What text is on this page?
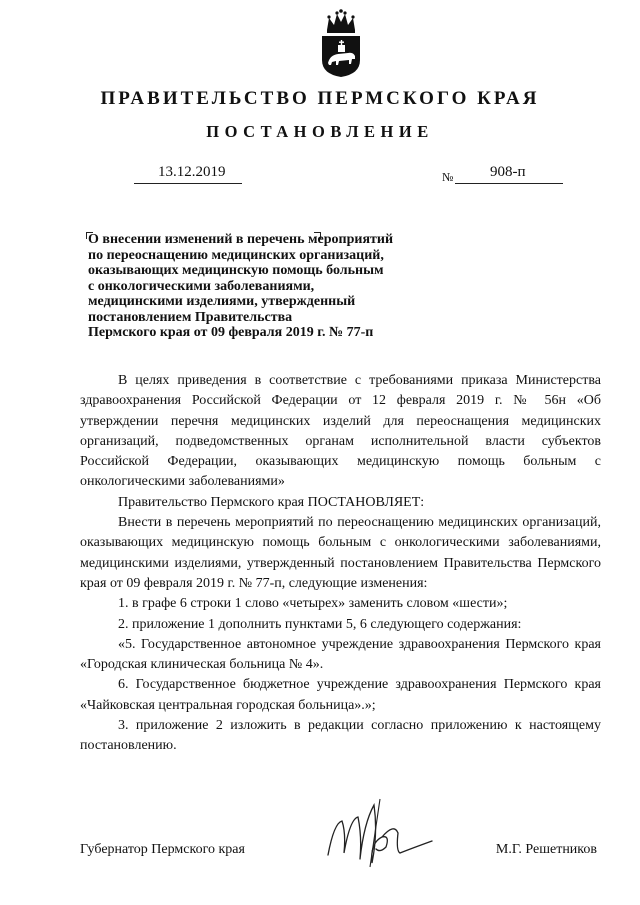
ПРАВИТЕЛЬСТВО ПЕРМСКОГО КРАЯ
ПОСТАНОВЛЕНИЕ
13.12.2019	№ 908-п
О внесении изменений в перечень мероприятий
по переоснащению медицинских организаций,
оказывающих медицинскую помощь больным
с онкологическими заболеваниями,
медицинскими изделиями, утвержденный
постановлением Правительства
Пермского края от 09 февраля 2019 г. № 77-п

В целях приведения в соответствие с требованиями приказа Министерства здравоохранения Российской Федерации от 12 февраля 2019 г. № 56н «Об утверждении перечня медицинских изделий для переоснащения медицинских организаций, подведомственных органам исполнительной власти субъектов Российской Федерации, оказывающих медицинскую помощь больным с онкологическими заболеваниями»

Правительство Пермского края ПОСТАНОВЛЯЕТ:

Внести в перечень мероприятий по переоснащению медицинских организаций, оказывающих медицинскую помощь больным с онкологическими заболеваниями, медицинскими изделиями, утвержденный постановлением Правительства Пермского края от 09 февраля 2019 г. № 77-п, следующие изменения:

1. в графе 6 строки 1 слово «четырех» заменить словом «шести»;

2. приложение 1 дополнить пунктами 5, 6 следующего содержания:

«5. Государственное автономное учреждение здравоохранения Пермского края «Городская клиническая больница № 4».

6. Государственное бюджетное учреждение здравоохранения Пермского края «Чайковская центральная городская больница».»;

3. приложение 2 изложить в редакции согласно приложению к настоящему постановлению.

Губернатор Пермского края	М.Г. Решетников
